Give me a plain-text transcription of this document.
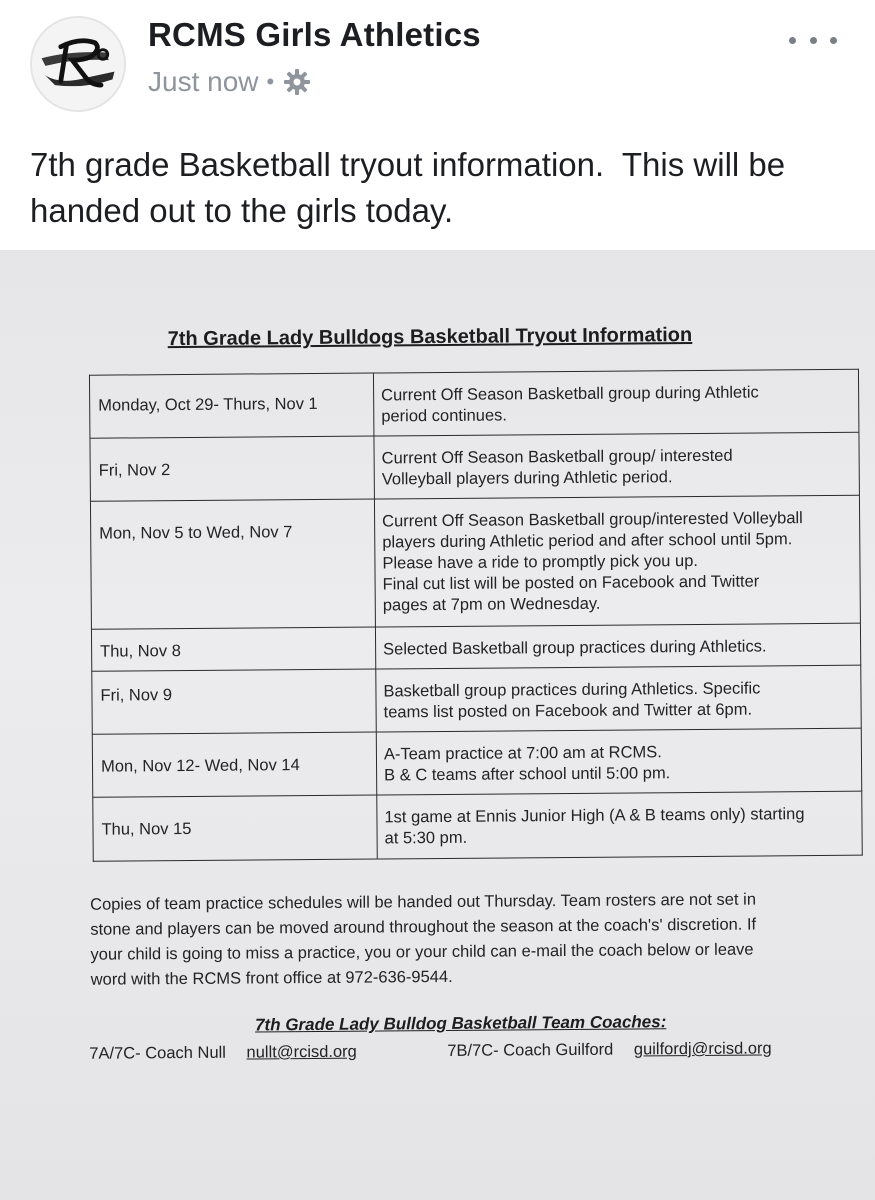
RCMS Girls Athletics
Just now •
7th grade Basketball tryout information.  This will be handed out to the girls today.
7th Grade Lady Bulldogs Basketball Tryout Information
Monday, Oct 29- Thurs, Nov 1	Current Off Season Basketball group during Athletic
period continues.
Fri, Nov 2	Current Off Season Basketball group/ interested
Volleyball players during Athletic period.
Mon, Nov 5 to Wed, Nov 7	Current Off Season Basketball group/interested Volleyball
players during Athletic period and after school until 5pm.
Please have a ride to promptly pick you up.
Final cut list will be posted on Facebook and Twitter
pages at 7pm on Wednesday.
Thu, Nov 8	Selected Basketball group practices during Athletics.
Fri, Nov 9	Basketball group practices during Athletics. Specific
teams list posted on Facebook and Twitter at 6pm.
Mon, Nov 12- Wed, Nov 14	A-Team practice at 7:00 am at RCMS.
B & C teams after school until 5:00 pm.
Thu, Nov 15	1st game at Ennis Junior High (A & B teams only) starting
at 5:30 pm.
Copies of team practice schedules will be handed out Thursday. Team rosters are not set in
stone and players can be moved around throughout the season at the coach's' discretion. If
your child is going to miss a practice, you or your child can e-mail the coach below or leave
word with the RCMS front office at 972-636-9544.
7th Grade Lady Bulldog Basketball Team Coaches:
7A/7C- Coach Null nullt@rcisd.org	7B/7C- Coach Guilford guilfordj@rcisd.org
